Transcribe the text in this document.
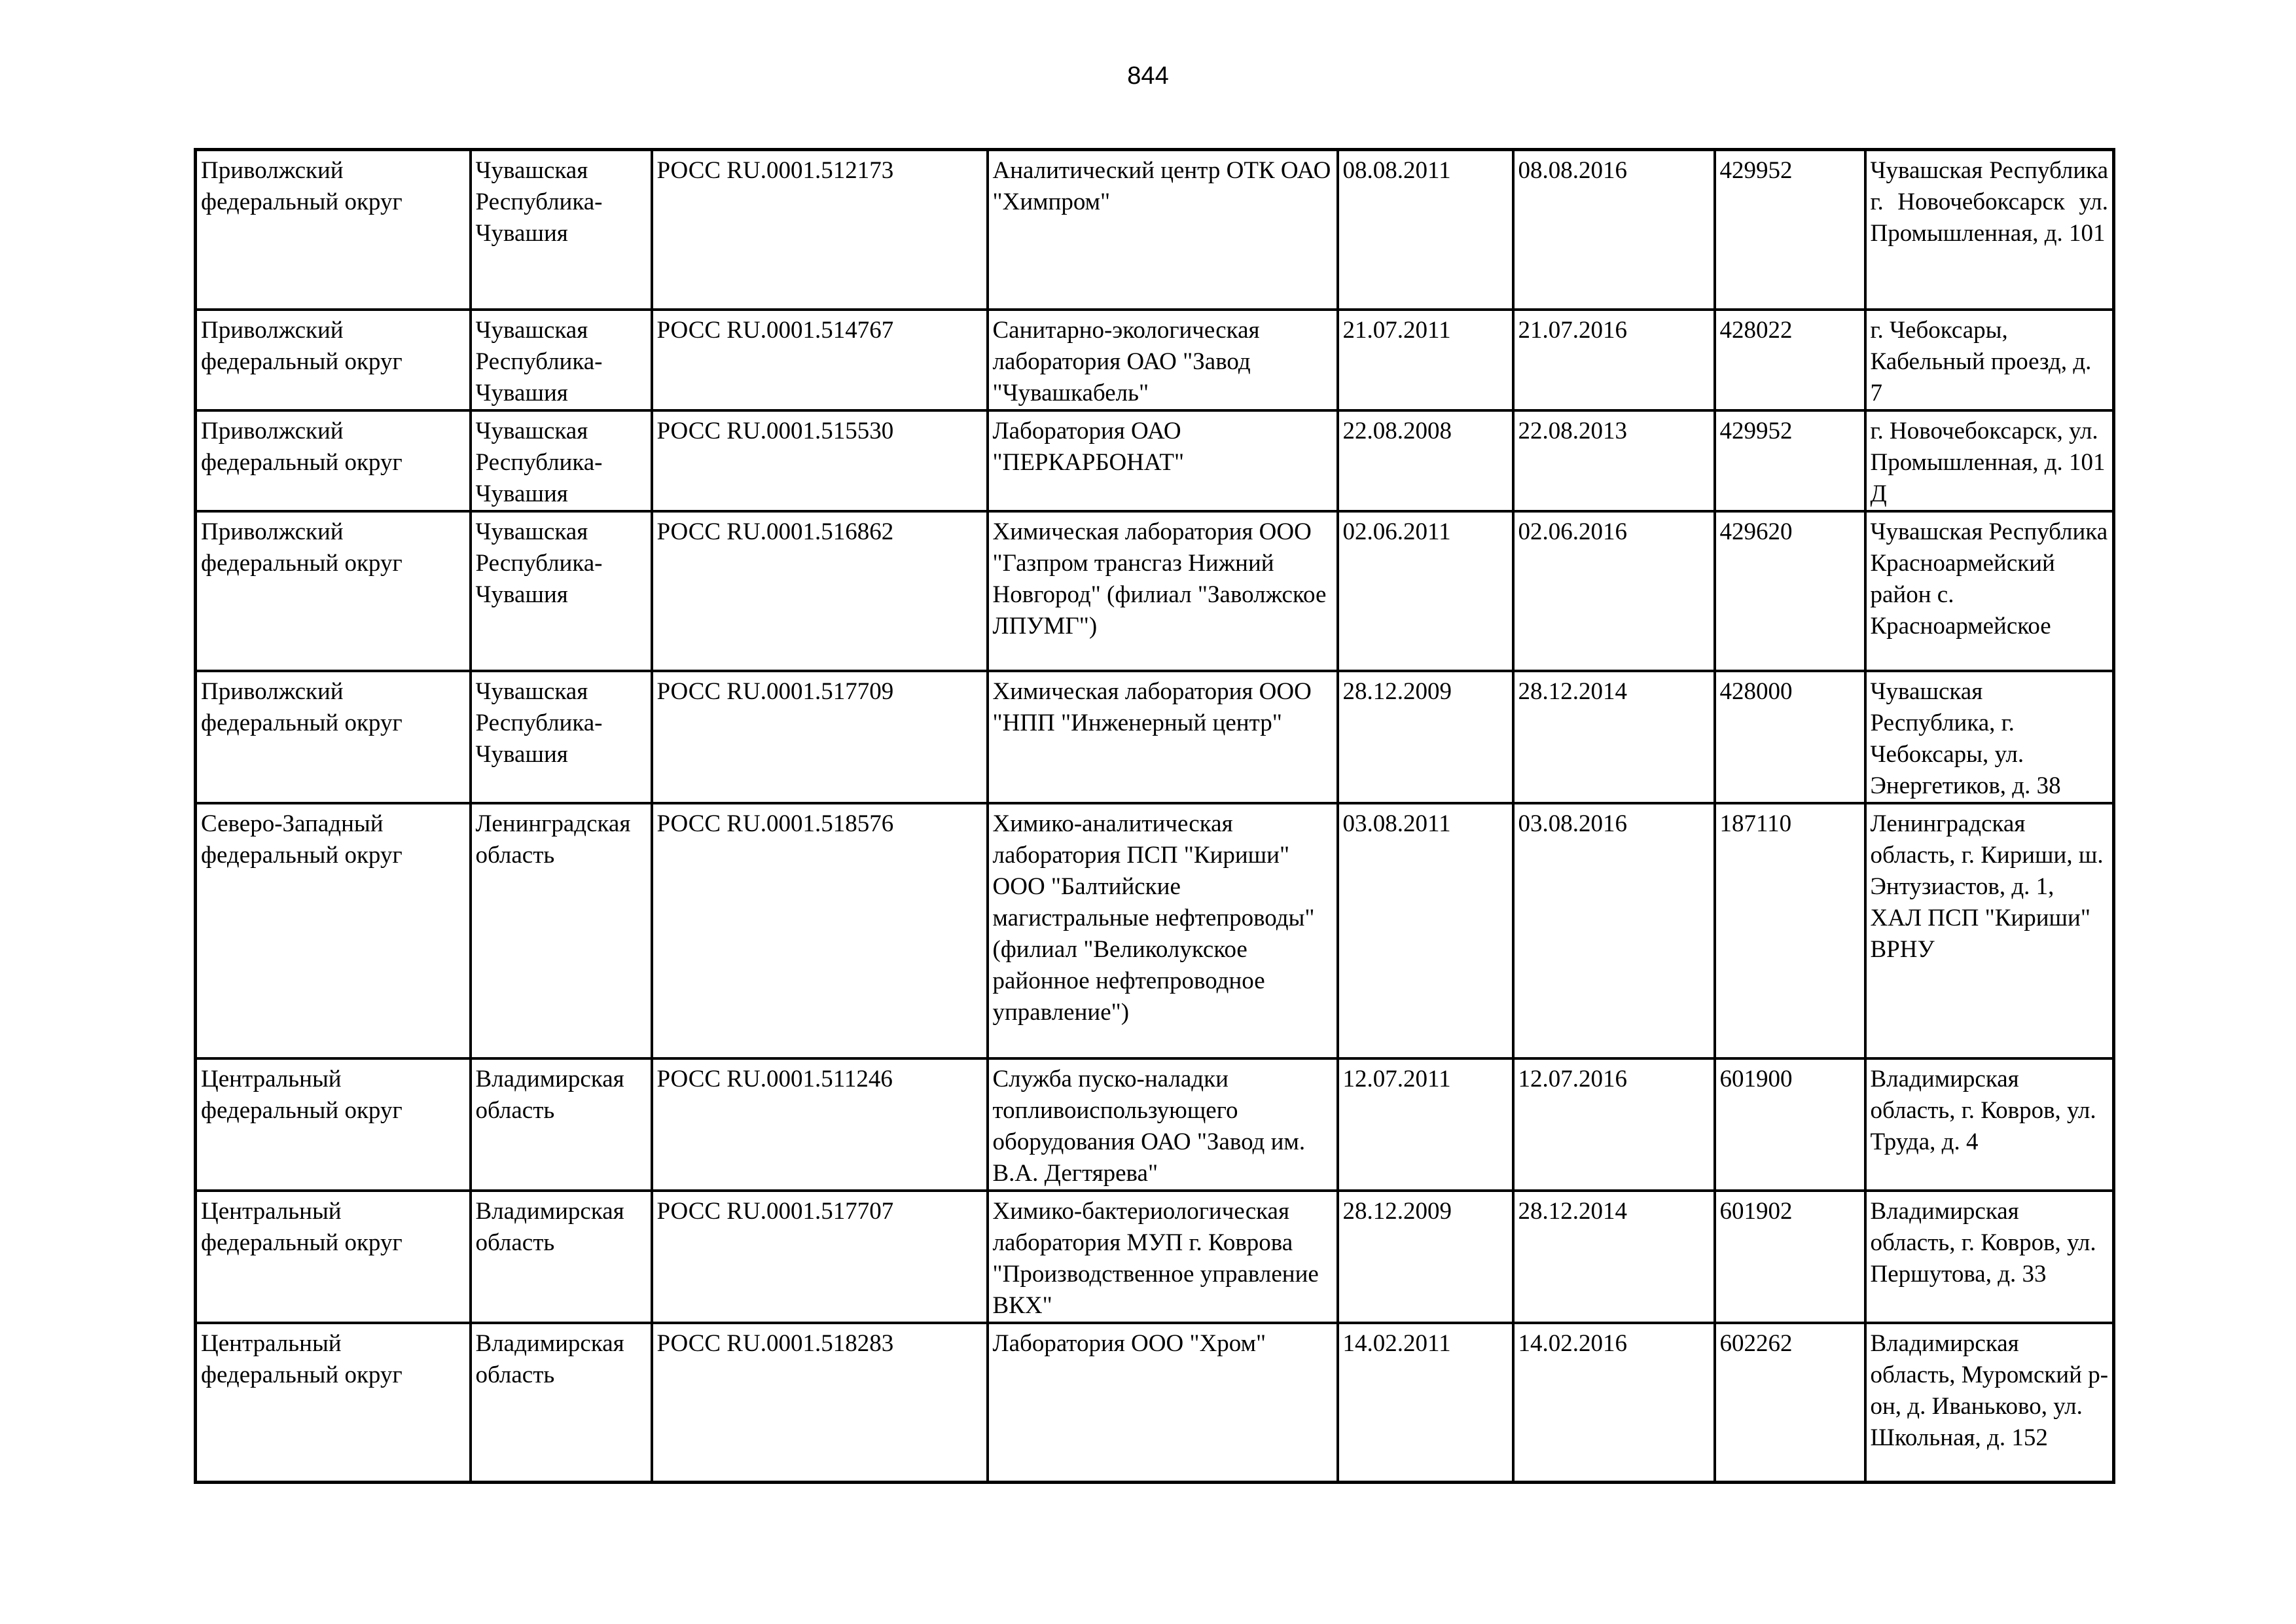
844
Приволжский федеральный округ	Чувашская Республика-Чувашия	РОСС RU.0001.512173	Аналитический центр ОТК ОАО "Химпром"	08.08.2011	08.08.2016	429952	Чувашская Республика г. Новочебоксарск ул. Промышленная, д. 101
Приволжский федеральный округ	Чувашская Республика-Чувашия	РОСС RU.0001.514767	Санитарно-экологическая лаборатория ОАО "Завод "Чувашкабель"	21.07.2011	21.07.2016	428022	г. Чебоксары, Кабельный проезд, д. 7
Приволжский федеральный округ	Чувашская Республика-Чувашия	РОСС RU.0001.515530	Лаборатория ОАО "ПЕРКАРБОНАТ"	22.08.2008	22.08.2013	429952	г. Новочебоксарск, ул. Промышленная, д. 101 Д
Приволжский федеральный округ	Чувашская Республика-Чувашия	РОСС RU.0001.516862	Химическая лаборатория ООО "Газпром трансгаз Нижний Новгород" (филиал "Заволжское ЛПУМГ")	02.06.2011	02.06.2016	429620	Чувашская Республика Красноармейский район с. Красноармейское
Приволжский федеральный округ	Чувашская Республика-Чувашия	РОСС RU.0001.517709	Химическая лаборатория ООО "НПП "Инженерный центр"	28.12.2009	28.12.2014	428000	Чувашская Республика, г. Чебоксары, ул. Энергетиков, д. 38
Северо-Западный федеральный округ	Ленинградская область	РОСС RU.0001.518576	Химико-аналитическая лаборатория ПСП "Кириши" ООО "Балтийские магистральные нефтепроводы" (филиал "Великолукское районное нефтепроводное управление")	03.08.2011	03.08.2016	187110	Ленинградская область, г. Кириши, ш. Энтузиастов, д. 1, ХАЛ ПСП "Кириши" ВРНУ
Центральный федеральный округ	Владимирская область	РОСС RU.0001.511246	Служба пуско-наладки топливоиспользующего оборудования ОАО "Завод им. В.А. Дегтярева"	12.07.2011	12.07.2016	601900	Владимирская область, г. Ковров, ул. Труда, д. 4
Центральный федеральный округ	Владимирская область	РОСС RU.0001.517707	Химико-бактериологическая лаборатория МУП г. Коврова "Производственное управление ВКХ"	28.12.2009	28.12.2014	601902	Владимирская область, г. Ковров, ул. Першутова, д. 33
Центральный федеральный округ	Владимирская область	РОСС RU.0001.518283	Лаборатория ООО "Хром"	14.02.2011	14.02.2016	602262	Владимирская область, Муромский р-он, д. Иваньково, ул. Школьная, д. 152
